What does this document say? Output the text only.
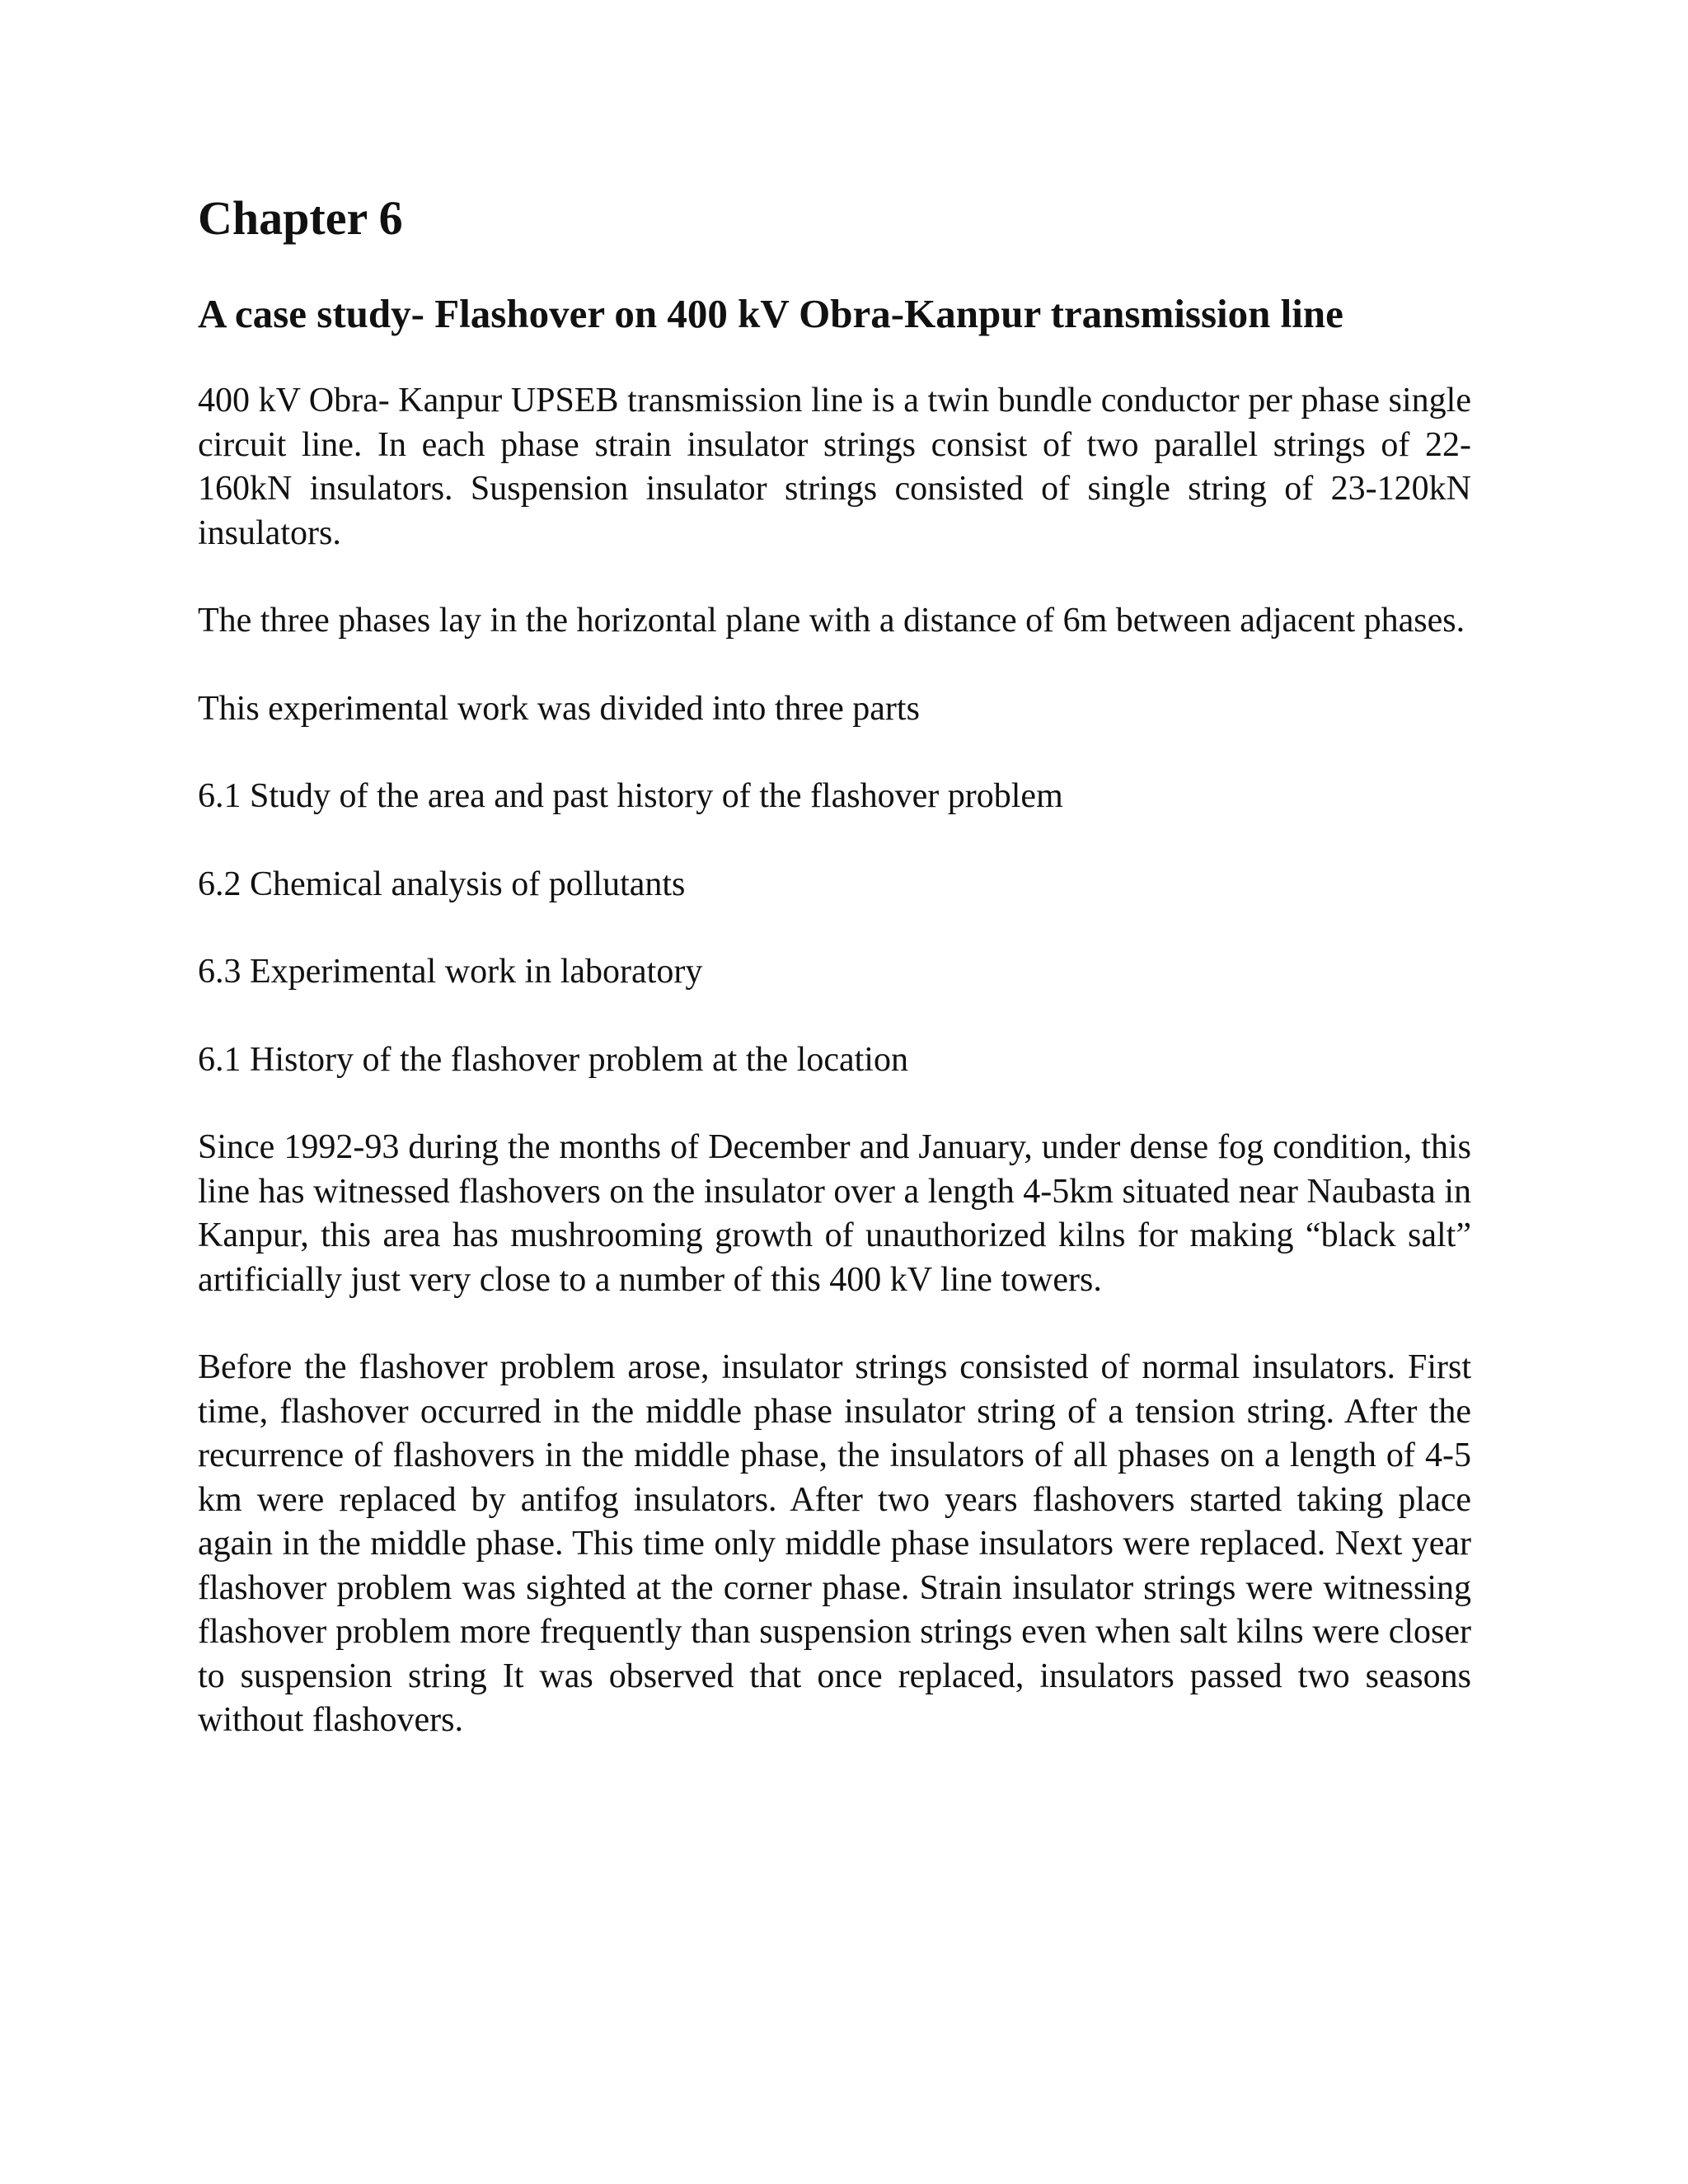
Chapter 6
A case study- Flashover on 400 kV Obra-Kanpur transmission line

400 kV Obra- Kanpur UPSEB transmission line is a twin bundle conductor per phase single circuit line. In each phase strain insulator strings consist of two parallel strings of 22-160kN insulators. Suspension insulator strings consisted of single string of 23-120kN insulators.

The three phases lay in the horizontal plane with a distance of 6m between adjacent phases.

This experimental work was divided into three parts

6.1 Study of the area and past history of the flashover problem
6.2 Chemical analysis of pollutants
6.3 Experimental work in laboratory
6.1 History of the flashover problem at the location

Since 1992-93 during the months of December and January, under dense fog condition, this line has witnessed flashovers on the insulator over a length 4-5km situated near Naubasta in Kanpur, this area has mushrooming growth of unauthorized kilns for making “black salt” artificially just very close to a number of this 400 kV line towers.

Before the flashover problem arose, insulator strings consisted of normal insulators. First time, flashover occurred in the middle phase insulator string of a tension string. After the recurrence of flashovers in the middle phase, the insulators of all phases on a length of 4-5 km were replaced by antifog insulators. After two years flashovers started taking place again in the middle phase. This time only middle phase insulators were replaced. Next year flashover problem was sighted at the corner phase. Strain insulator strings were witnessing flashover problem more frequently than suspension strings even when salt kilns were closer to suspension string It was observed that once replaced, insulators passed two seasons without flashovers.
